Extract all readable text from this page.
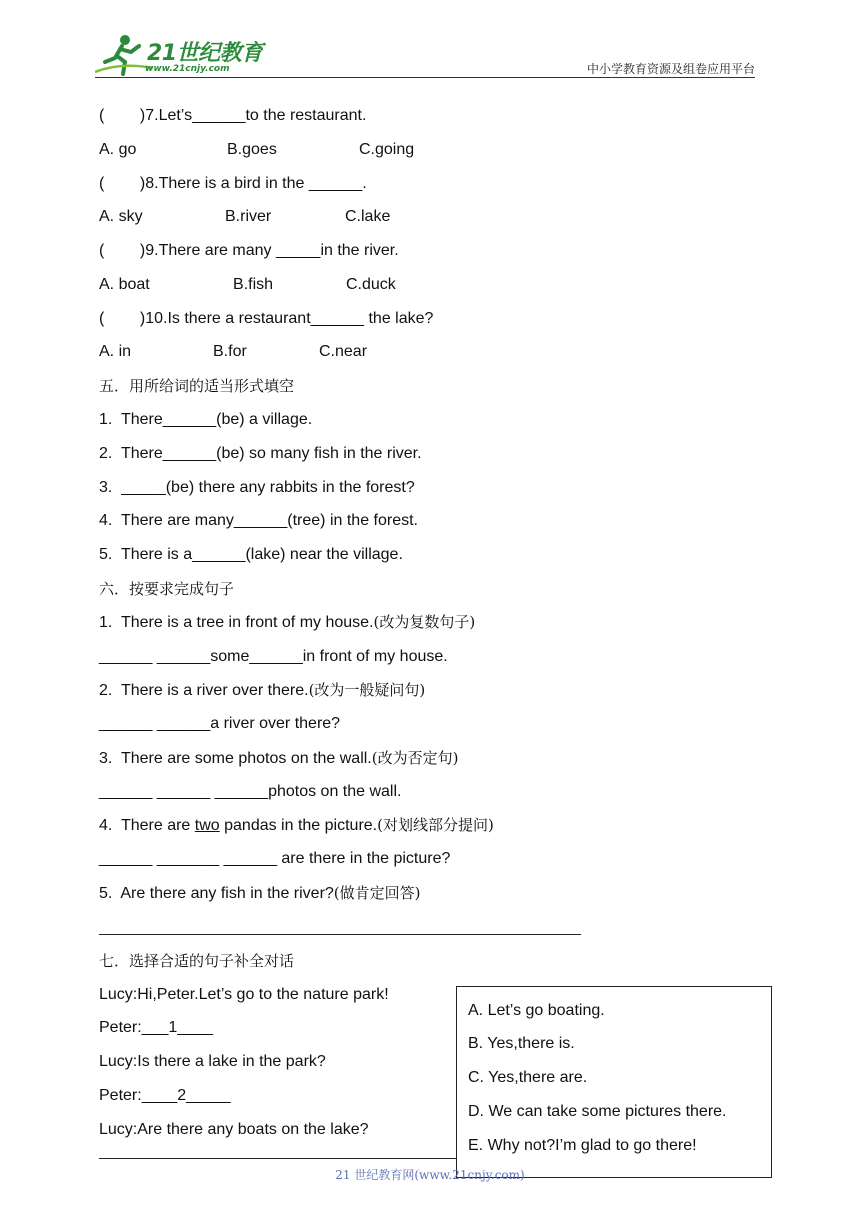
21世纪教育
www.21cnjy.com	中小学教育资源及组卷应用平台
(        )7.Let’s______to the restaurant.
A. go	B.goes	C.going
(        )8.There is a bird in the ______.
A. sky	B.river	C.lake
(        )9.There are many _____in the river.
A. boat	B.fish	C.duck
(        )10.Is there a restaurant______ the lake?
A. in	B.for	C.near
五．用所给词的适当形式填空
1.  There______(be) a village.
2.  There______(be) so many fish in the river.
3.  _____(be) there any rabbits in the forest?
4.  There are many______(tree) in the forest.
5.  There is a______(lake) near the village.
六．按要求完成句子
1.  There is a tree in front of my house.(改为复数句子)
______ ______some______in front of my house.
2.  There is a river over there.(改为一般疑问句)
______ ______a river over there?
3.  There are some photos on the wall.(改为否定句)
______ ______ ______photos on the wall.
4.  There are two pandas in the picture.(对划线部分提问)
______ _______ ______ are there in the picture?
5.  Are there any fish in the river?(做肯定回答)
七．选择合适的句子补全对话
Lucy:Hi,Peter.Let’s go to the nature park!
Peter:___1____
Lucy:Is there a lake in the park?
Peter:____2_____
Lucy:Are there any boats on the lake?
A. Let’s go boating.
B. Yes,there is.
C. Yes,there are.
D. We can take some pictures there.
E. Why not?I’m glad to go there!
21 世纪教育网(www.21cnjy.com)
